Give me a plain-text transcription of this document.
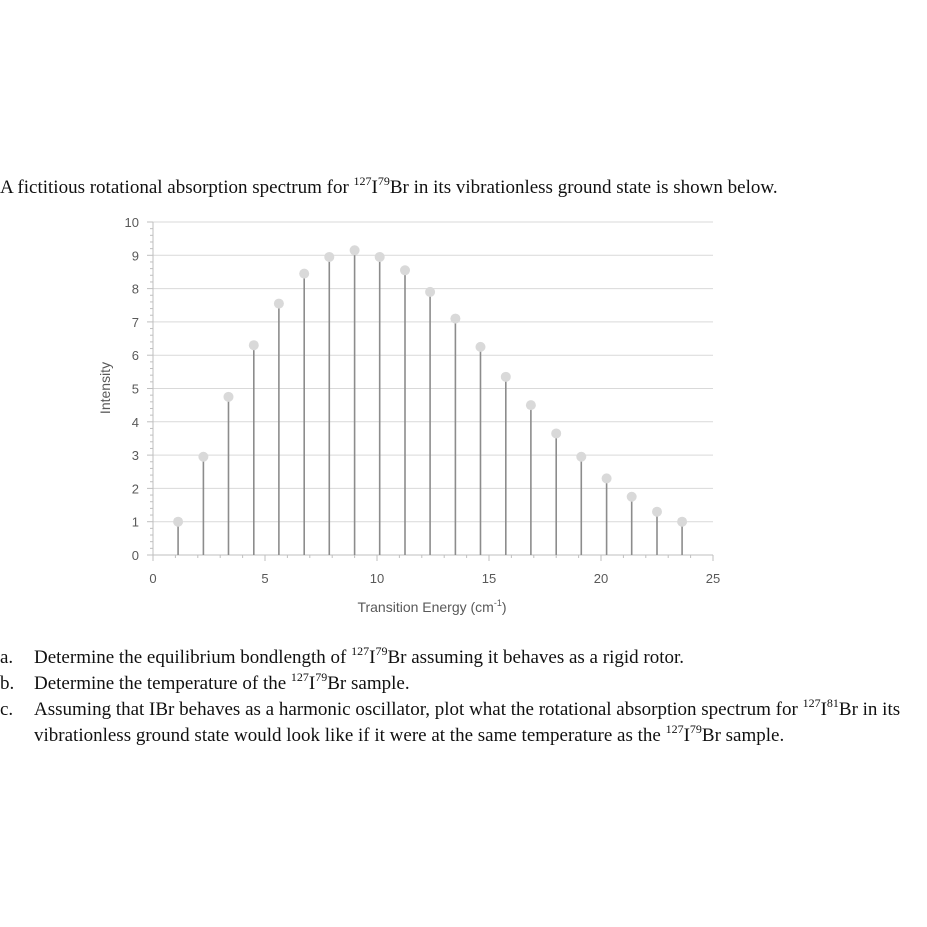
A fictitious rotational absorption spectrum for $^{127}I^{79}Br$ in its vibrationless ground state is shown below.
0
1
2
3
4
5
6
7
8
9
10
0	5	10	15	20	25
Intensity
Transition Energy $(cm^{-1})$
a.	Determine the equilibrium bondlength of $^{127}I^{79}Br$ assuming it behaves as a rigid rotor.
b.	Determine the temperature of the $^{127}I^{79}Br$ sample.
c.	Assuming that IBr behaves as a harmonic oscillator, plot what the rotational absorption spectrum for $^{127}I^{81}Br$ in its vibrationless ground state would look like if it were at the same temperature as the $^{127}I^{79}Br$ sample.
